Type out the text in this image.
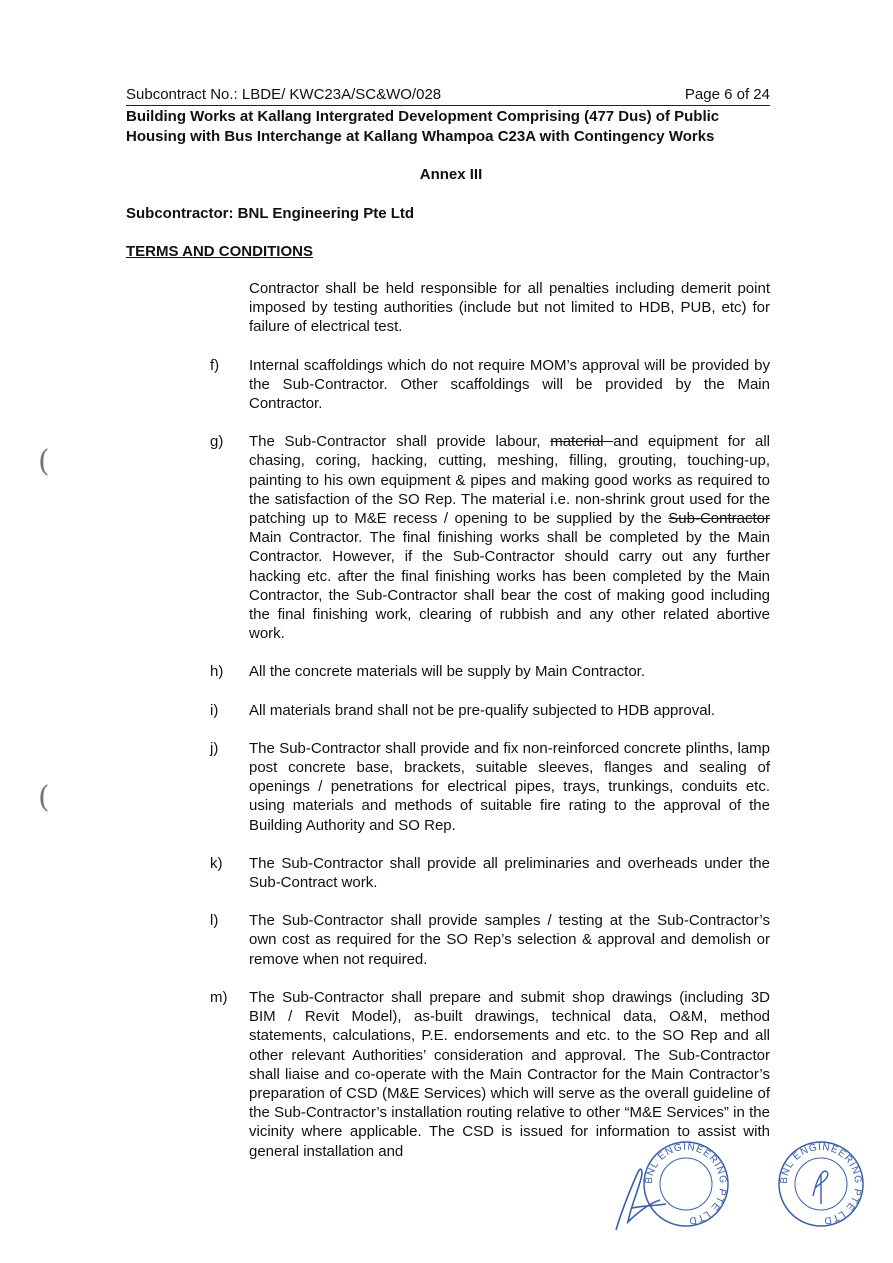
Subcontract No.: LBDE/ KWC23A/SC&WO/028	Page 6 of 24
Building Works at Kallang Intergrated Development Comprising (477 Dus) of Public Housing with Bus Interchange at Kallang Whampoa C23A with Contingency Works
Annex III
Subcontractor: BNL Engineering Pte Ltd
TERMS AND CONDITIONS
Contractor shall be held responsible for all penalties including demerit point imposed by testing authorities (include but not limited to HDB, PUB, etc) for failure of electrical test.
f)	Internal scaffoldings which do not require MOM’s approval will be provided by the Sub-Contractor. Other scaffoldings will be provided by the Main Contractor.
g)	The Sub-Contractor shall provide labour, material and equipment for all chasing, coring, hacking, cutting, meshing, filling, grouting, touching-up, painting to his own equipment & pipes and making good works as required to the satisfaction of the SO Rep. The material i.e. non-shrink grout used for the patching up to M&E recess / opening to be supplied by the Sub-Contractor Main Contractor. The final finishing works shall be completed by the Main Contractor. However, if the Sub-Contractor should carry out any further hacking etc. after the final finishing works has been completed by the Main Contractor, the Sub-Contractor shall bear the cost of making good including the final finishing work, clearing of rubbish and any other related abortive work.
h)	All the concrete materials will be supply by Main Contractor.
i)	All materials brand shall not be pre-qualify subjected to HDB approval.
j)	The Sub-Contractor shall provide and fix non-reinforced concrete plinths, lamp post concrete base, brackets, suitable sleeves, flanges and sealing of openings / penetrations for electrical pipes, trays, trunkings, conduits etc. using materials and methods of suitable fire rating to the approval of the Building Authority and SO Rep.
k)	The Sub-Contractor shall provide all preliminaries and overheads under the Sub-Contract work.
l)	The Sub-Contractor shall provide samples / testing at the Sub-Contractor’s own cost as required for the SO Rep’s selection & approval and demolish or remove when not required.
m)	The Sub-Contractor shall prepare and submit shop drawings (including 3D BIM / Revit Model), as-built drawings, technical data, O&M, method statements, calculations, P.E. endorsements and etc. to the SO Rep and all other relevant Authorities’ consideration and approval. The Sub-Contractor shall liaise and co-operate with the Main Contractor for the Main Contractor’s preparation of CSD (M&E Services) which will serve as the overall guideline of the Sub-Contractor’s installation routing relative to other “M&E Services” in the vicinity where applicable. The CSD is issued for information to assist with general installation and
(
(
BNL ENGINEERING PTE LTD
BNL ENGINEERING PTE LTD
